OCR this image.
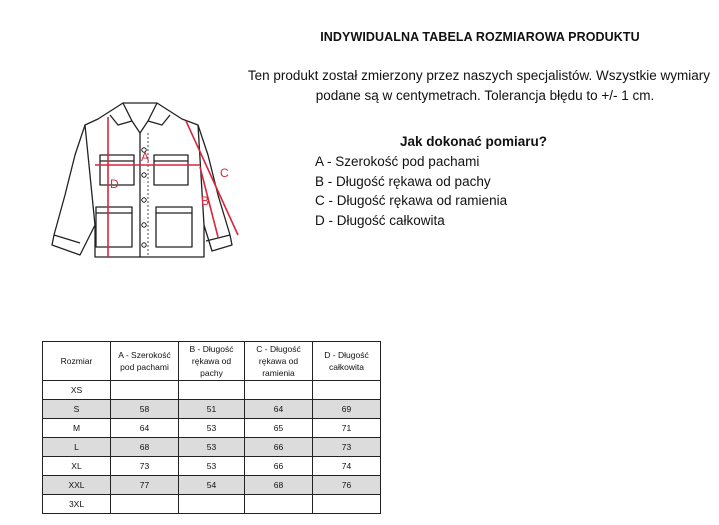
INDYWIDUALNA TABELA ROZMIAROWA PRODUKTU
Ten produkt został zmierzony przez naszych specjalistów. Wszystkie wymiary
podane są w centymetrach. Tolerancja błędu to +/- 1 cm.
Jak dokonać pomiaru?
A - Szerokość pod pachami
B - Długość rękawa od pachy
C - Długość rękawa od ramienia
D - Długość całkowita
A
B
C
D
Rozmiar	A - Szerokość pod pachami	B - Długość rękawa od pachy	C - Długość rękawa od ramienia	D - Długość całkowita
XS				
S	58	51	64	69
M	64	53	65	71
L	68	53	66	73
XL	73	53	66	74
XXL	77	54	68	76
3XL				
